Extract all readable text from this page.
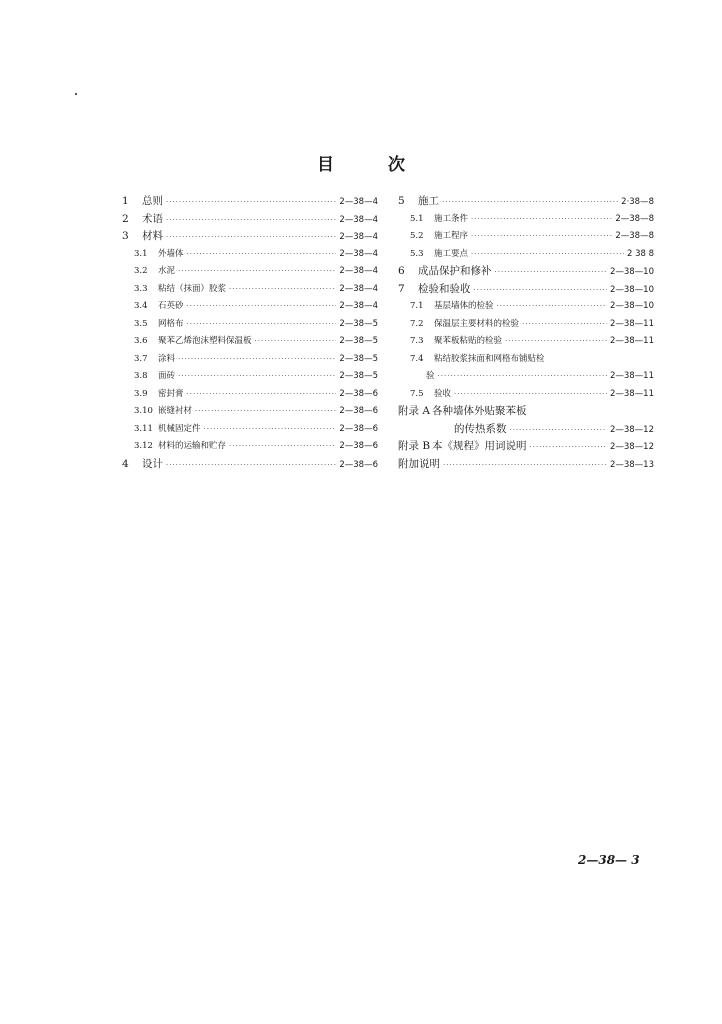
目	次
1	总则 ·····	2—38—4
2	术语 ·····	2—38—4
3	材料 ·····	2—38—4
3.1	外墙体 ·····	2—38—4
3.2	水泥 ·····	2—38—4
3.3	粘结（抹面）胶浆 ·····	2—38—4
3.4	石英砂 ·····	2—38—4
3.5	网格布 ·····	2—38—5
3.6	聚苯乙烯泡沫塑料保温板 ·····	2—38—5
3.7	涂料 ·····	2—38—5
3.8	面砖 ·····	2—38—5
3.9	密封膏 ·····	2—38—6
3.10 嵌缝衬材 ·····	2—38—6
3.11 机械固定件 ·····	2—38—6
3.12 材料的运输和贮存 ·····	2—38—6
4	设计 ·····	2—38—6
5	施工 ·····	2·38—8
5.1	施工条件 ·····	2—38—8
5.2	施工程序 ·····	2—38—8
5.3	施工要点 ·····	2 38 8
6	成品保护和修补 ·····	2—38—10
7	检验和验收 ·····	2—38—10
7.1	基层墙体的检验 ·····	2—38—10
7.2	保温层主要材料的检验 ·····	2—38—11
7.3	聚苯板粘贴的检验 ·····	2—38—11
7.4	粘结胶浆抹面和网格布铺贴检
验 ·····	2—38—11
7.5	验收 ·····	2—38—11
附录 A 各种墙体外贴聚苯板
的传热系数 ·····	2—38—12
附录 B 本《规程》用词说明 ·····	2—38—12
附加说明 ·····	2—38—13
2—38— 3
